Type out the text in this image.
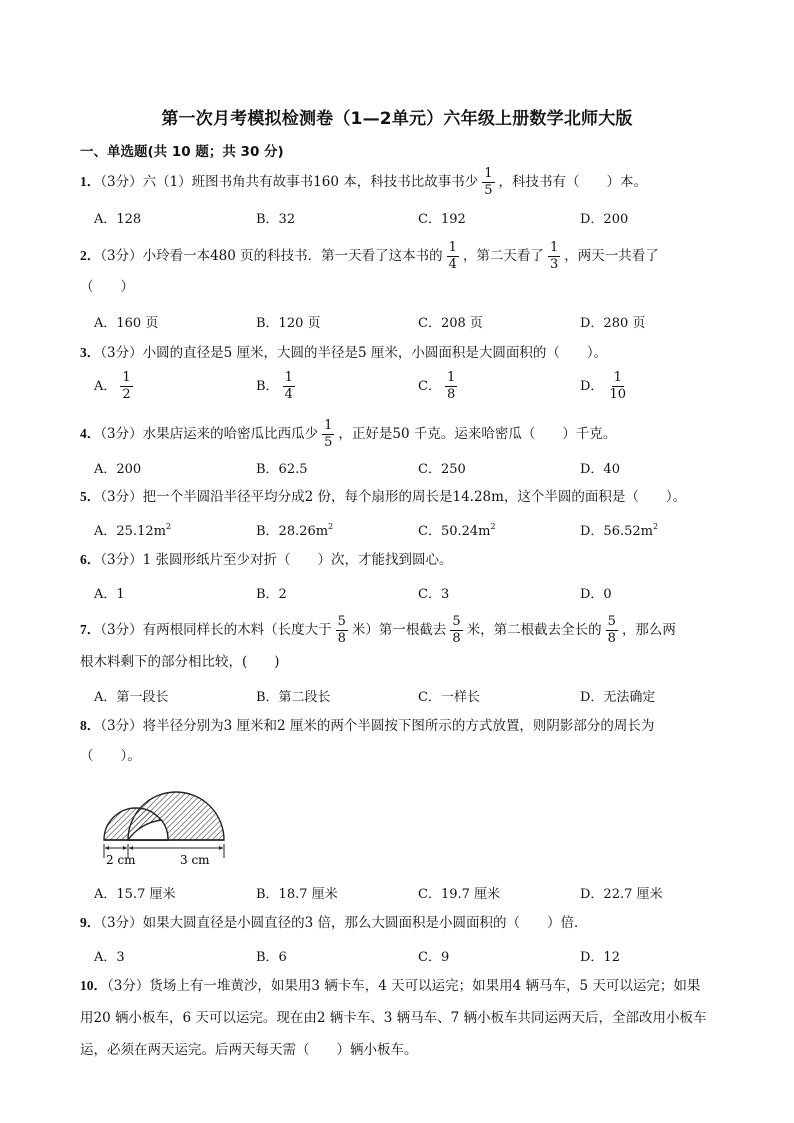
第一次月考模拟检测卷（1—2单元）六年级上册数学北师大版
一、单选题(共 10 题；共 30 分)
1．（3分）六（1）班图书角共有故事书160 本，科技书比故事书少 $\frac{1}{5}$ ，科技书有（　　）本。
A．128	B．32	C．192	D．200
2．（3分）小玲看一本480 页的科技书．第一天看了这本书的 $\frac{1}{4}$ ，第二天看了 $\frac{1}{3}$ ，两天一共看了
（　　）
A．160 页	B．120 页	C．208 页	D．280 页
3．（3分）小圆的直径是5 厘米，大圆的半径是5 厘米，小圆面积是大圆面积的（　　）。
A． $\frac{1}{2}$	B． $\frac{1}{4}$	C． $\frac{1}{8}$	D． $\frac{1}{10}$
4．（3分）水果店运来的哈密瓜比西瓜少 $\frac{1}{5}$ ，正好是50 千克。运来哈密瓜（　　）千克。
A．200	B．62.5	C．250	D．40
5．（3分）把一个半圆沿半径平均分成2 份，每个扇形的周长是14.28m，这个半圆的面积是（　　）。
A．$25.12m^2$	B．$28.26m^2$	C．$50.24m^2$	D．$56.52m^2$
6．（3分）1 张圆形纸片至少对折（　　）次，才能找到圆心。
A．1	B．2	C．3	D．0
7．（3分）有两根同样长的木料（长度大于 $\frac{5}{8}$ 米）第一根截去 $\frac{5}{8}$ 米，第二根截去全长的 $\frac{5}{8}$ ，那么两
根木料剩下的部分相比较，(　　)
A．第一段长	B．第二段长	C．一样长	D．无法确定
8．（3分）将半径分别为3 厘米和2 厘米的两个半圆按下图所示的方式放置，则阴影部分的周长为
（　　）。
2 cm	3 cm
A．15.7 厘米	B．18.7 厘米	C．19.7 厘米	D．22.7 厘米
9．（3分）如果大圆直径是小圆直径的3 倍，那么大圆面积是小圆面积的（　　）倍．
A．3	B．6	C．9	D．12
10．（3分）货场上有一堆黄沙，如果用3 辆卡车，4 天可以运完；如果用4 辆马车，5 天可以运完；如果
用20 辆小板车，6 天可以运完。现在由2 辆卡车、3 辆马车、7 辆小板车共同运两天后，全部改用小板车
运，必须在两天运完。后两天每天需（　　）辆小板车。
